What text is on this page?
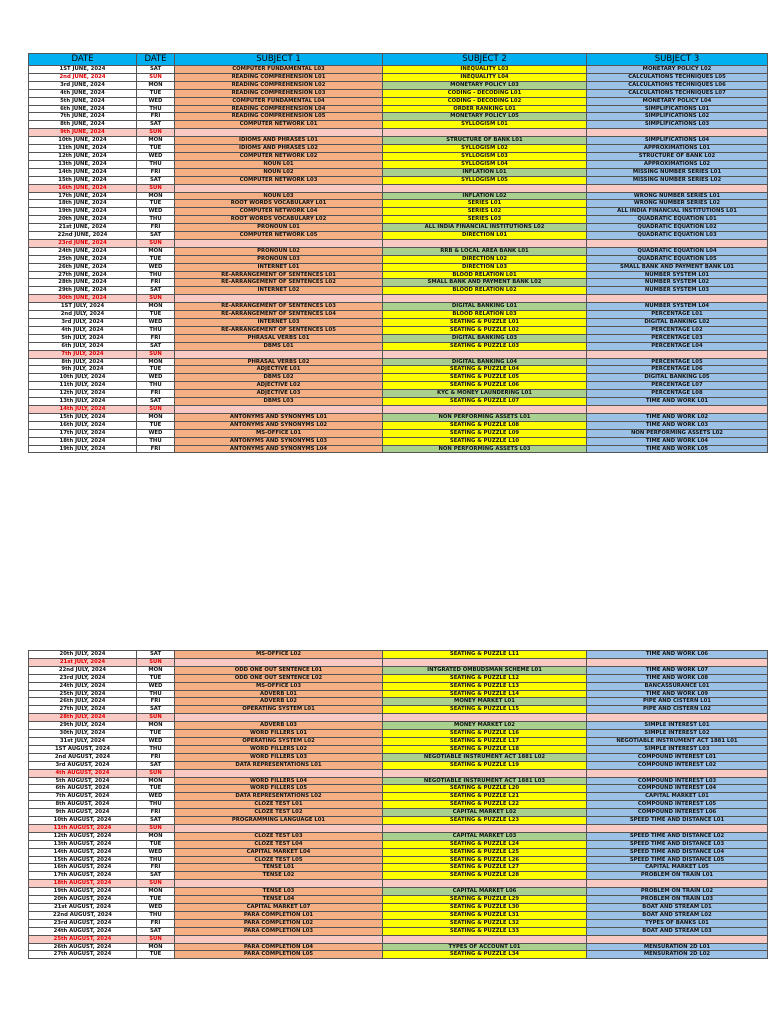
DATE	DATE	SUBJECT 1	SUBJECT 2	SUBJECT 3
1ST JUNE, 2024	SAT	COMPUTER FUNDAMENTAL L03	INEQUALITY L03	MONETARY POLICY L02
2nd JUNE, 2024	SUN	READING COMPREHENSION L01	INEQUALITY L04	CALCULATIONS TECHNIQUES L05
3rd JUNE, 2024	MON	READING COMPREHENSION L02	MONETARY POLICY L03	CALCULATIONS TECHNIQUES L06
4th JUNE, 2024	TUE	READING COMPREHENSION L03	CODING - DECODING L01	CALCULATIONS TECHNIQUES L07
5th JUNE, 2024	WED	COMPUTER FUNDAMENTAL L04	CODING - DECODING L02	MONETARY POLICY L04
6th JUNE, 2024	THU	READING COMPREHENSION L04	ORDER RANKING L01	SIMPLIFICATIONS L01
7th JUNE, 2024	FRI	READING COMPREHENSION L05	MONETARY POLICY L05	SIMPLIFICATIONS L02
8th JUNE, 2024	SAT	COMPUTER NETWORK L01	SYLLOGISM L01	SIMPLIFICATIONS L03
9th JUNE, 2024	SUN			
10th JUNE, 2024	MON	IDIOMS AND PHRASES L01	STRUCTURE OF BANK L01	SIMPLIFICATIONS L04
11th JUNE, 2024	TUE	IDIOMS AND PHRASES L02	SYLLOGISM L02	APPROXIMATIONS L01
12th JUNE, 2024	WED	COMPUTER NETWORK L02	SYLLOGISM L03	STRUCTURE OF BANK L02
13th JUNE, 2024	THU	NOUN L01	SYLLOGISM L04	APPROXIMATIONS L02
14th JUNE, 2024	FRI	NOUN L02	INFLATION L01	MISSING NUMBER SERIES L01
15th JUNE, 2024	SAT	COMPUTER NETWORK L03	SYLLOGISM L05	MISSING NUMBER SERIES L02
16th JUNE, 2024	SUN			
17th JUNE, 2024	MON	NOUN L03	INFLATION L02	WRONG NUMBER SERIES L01
18th JUNE, 2024	TUE	ROOT WORDS VOCABULARY L01	SERIES L01	WRONG NUMBER SERIES L02
19th JUNE, 2024	WED	COMPUTER NETWORK L04	SERIES L02	ALL INDIA FINANCIAL INSTITUTIONS L01
20th JUNE, 2024	THU	ROOT WORDS VOCABULARY L02	SERIES L03	QUADRATIC EQUATION L01
21st JUNE, 2024	FRI	PRONOUN L01	ALL INDIA FINANCIAL INSTITUTIONS L02	QUADRATIC EQUATION L02
22nd JUNE, 2024	SAT	COMPUTER NETWORK L05	DIRECTION L01	QUADRATIC EQUATION L03
23rd JUNE, 2024	SUN			
24th JUNE, 2024	MON	PRONOUN L02	RRB & LOCAL AREA BANK L01	QUADRATIC EQUATION L04
25th JUNE, 2024	TUE	PRONOUN L03	DIRECTION L02	QUADRATIC EQUATION L05
26th JUNE, 2024	WED	INTERNET L01	DIRECTION L03	SMALL BANK AND PAYMENT BANK L01
27th JUNE, 2024	THU	RE-ARRANGEMENT OF SENTENCES L01	BLOOD RELATION L01	NUMBER SYSTEM L01
28th JUNE, 2024	FRI	RE-ARRANGEMENT OF SENTENCES L02	SMALL BANK AND PAYMENT BANK L02	NUMBER SYSTEM L02
29th JUNE, 2024	SAT	INTERNET L02	BLOOD RELATION L02	NUMBER SYSTEM L03
30th JUNE, 2024	SUN			
1ST JULY, 2024	MON	RE-ARRANGEMENT OF SENTENCES L03	DIGITAL BANKING L01	NUMBER SYSTEM L04
2nd JULY, 2024	TUE	RE-ARRANGEMENT OF SENTENCES L04	BLOOD RELATION L03	PERCENTAGE L01
3rd JULY, 2024	WED	INTERNET L03	SEATING & PUZZLE L01	DIGITAL BANKING L02
4th JULY, 2024	THU	RE-ARRANGEMENT OF SENTENCES L05	SEATING & PUZZLE L02	PERCENTAGE L02
5th JULY, 2024	FRI	PHRASAL VERBS L01	DIGITAL BANKING L03	PERCENTAGE L03
6th JULY, 2024	SAT	DBMS L01	SEATING & PUZZLE L03	PERCENTAGE L04
7th JULY, 2024	SUN			
8th JULY, 2024	MON	PHRASAL VERBS L02	DIGITAL BANKING L04	PERCENTAGE L05
9th JULY, 2024	TUE	ADJECTIVE L01	SEATING & PUZZLE L04	PERCENTAGE L06
10th JULY, 2024	WED	DBMS L02	SEATING & PUZZLE L05	DIGITAL BANKING L05
11th JULY, 2024	THU	ADJECTIVE L02	SEATING & PUZZLE L06	PERCENTAGE L07
12th JULY, 2024	FRI	ADJECTIVE L03	KYC & MONEY LAUNDERING L01	PERCENTAGE L08
13th JULY, 2024	SAT	DBMS L03	SEATING & PUZZLE L07	TIME AND WORK L01
14th JULY, 2024	SUN			
15th JULY, 2024	MON	ANTONYMS AND SYNONYMS L01	NON PERFORMING ASSETS L01	TIME AND WORK L02
16th JULY, 2024	TUE	ANTONYMS AND SYNONYMS L02	SEATING & PUZZLE L08	TIME AND WORK L03
17th JULY, 2024	WED	MS-OFFICE L01	SEATING & PUZZLE L09	NON PERFORMING ASSETS L02
18th JULY, 2024	THU	ANTONYMS AND SYNONYMS L03	SEATING & PUZZLE L10	TIME AND WORK L04
19th JULY, 2024	FRI	ANTONYMS AND SYNONYMS L04	NON PERFORMING ASSETS L03	TIME AND WORK L05
20th JULY, 2024	SAT	MS-OFFICE L02	SEATING & PUZZLE L11	TIME AND WORK L06
21st JULY, 2024	SUN			
22nd JULY, 2024	MON	ODD ONE OUT SENTENCE L01	INTGRATED OMBUDSMAN SCHEME L01	TIME AND WORK L07
23rd JULY, 2024	TUE	ODD ONE OUT SENTENCE L02	SEATING & PUZZLE L12	TIME AND WORK L08
24th JULY, 2024	WED	MS-OFFICE L03	SEATING & PUZZLE L13	BANCASSURANCE L01
25th JULY, 2024	THU	ADVERB L01	SEATING & PUZZLE L14	TIME AND WORK L09
26th JULY, 2024	FRI	ADVERB L02	MONEY MARKET L01	PIPE AND CISTERN L01
27th JULY, 2024	SAT	OPERATING SYSTEM L01	SEATING & PUZZLE L15	PIPE AND CISTERN L02
28th JULY, 2024	SUN			
29th JULY, 2024	MON	ADVERB L03	MONEY MARKET L02	SIMPLE INTEREST L01
30th JULY, 2024	TUE	WORD FILLERS L01	SEATING & PUZZLE L16	SIMPLE INTEREST L02
31st JULY, 2024	WED	OPERATING SYSTEM L02	SEATING & PUZZLE L17	NEGOTIABLE INSTRUMENT ACT 1881 L01
1ST AUGUST, 2024	THU	WORD FILLERS L02	SEATING & PUZZLE L18	SIMPLE INTEREST L03
2nd AUGUST, 2024	FRI	WORD FILLERS L03	NEGOTIABLE INSTRUMENT ACT 1881 L02	COMPOUND INTEREST L01
3rd AUGUST, 2024	SAT	DATA REPRESENTATIONS L01	SEATING & PUZZLE L19	COMPOUND INTEREST L02
4th AUGUST, 2024	SUN			
5th AUGUST, 2024	MON	WORD FILLERS L04	NEGOTIABLE INSTRUMENT ACT 1881 L03	COMPOUND INTEREST L03
6th AUGUST, 2024	TUE	WORD FILLERS L05	SEATING & PUZZLE L20	COMPOUND INTEREST L04
7th AUGUST, 2024	WED	DATA REPRESENTATIONS L02	SEATING & PUZZLE L21	CAPITAL MARKET L01
8th AUGUST, 2024	THU	CLOZE TEST L01	SEATING & PUZZLE L22	COMPOUND INTEREST L05
9th AUGUST, 2024	FRI	CLOZE TEST L02	CAPITAL MARKET L02	COMPOUND INTEREST L06
10th AUGUST, 2024	SAT	PROGRAMMING LANGUAGE L01	SEATING & PUZZLE L23	SPEED TIME AND DISTANCE L01
11th AUGUST, 2024	SUN			
12th AUGUST, 2024	MON	CLOZE TEST L03	CAPITAL MARKET L03	SPEED TIME AND DISTANCE L02
13th AUGUST, 2024	TUE	CLOZE TEST L04	SEATING & PUZZLE L24	SPEED TIME AND DISTANCE L03
14th AUGUST, 2024	WED	CAPITAL MARKET L04	SEATING & PUZZLE L25	SPEED TIME AND DISTANCE L04
15th AUGUST, 2024	THU	CLOZE TEST L05	SEATING & PUZZLE L26	SPEED TIME AND DISTANCE L05
16th AUGUST, 2024	FRI	TENSE L01	SEATING & PUZZLE L27	CAPITAL MARKET L05
17th AUGUST, 2024	SAT	TENSE L02	SEATING & PUZZLE L28	PROBLEM ON TRAIN L01
18th AUGUST, 2024	SUN			
19th AUGUST, 2024	MON	TENSE L03	CAPITAL MARKET L06	PROBLEM ON TRAIN L02
20th AUGUST, 2024	TUE	TENSE L04	SEATING & PUZZLE L29	PROBLEM ON TRAIN L03
21st AUGUST, 2024	WED	CAPITAL MARKET L07	SEATING & PUZZLE L30	BOAT AND STREAM L01
22nd AUGUST, 2024	THU	PARA COMPLETION L01	SEATING & PUZZLE L31	BOAT AND STREAM L02
23rd AUGUST, 2024	FRI	PARA COMPLETION L02	SEATING & PUZZLE L32	TYPES OF BANKS L01
24th AUGUST, 2024	SAT	PARA COMPLETION L03	SEATING & PUZZLE L33	BOAT AND STREAM L03
25th AUGUST, 2024	SUN			
26th AUGUST, 2024	MON	PARA COMPLETION L04	TYPES OF ACCOUNT L01	MENSURATION 2D L01
27th AUGUST, 2024	TUE	PARA COMPLETION L05	SEATING & PUZZLE L34	MENSURATION 2D L02
